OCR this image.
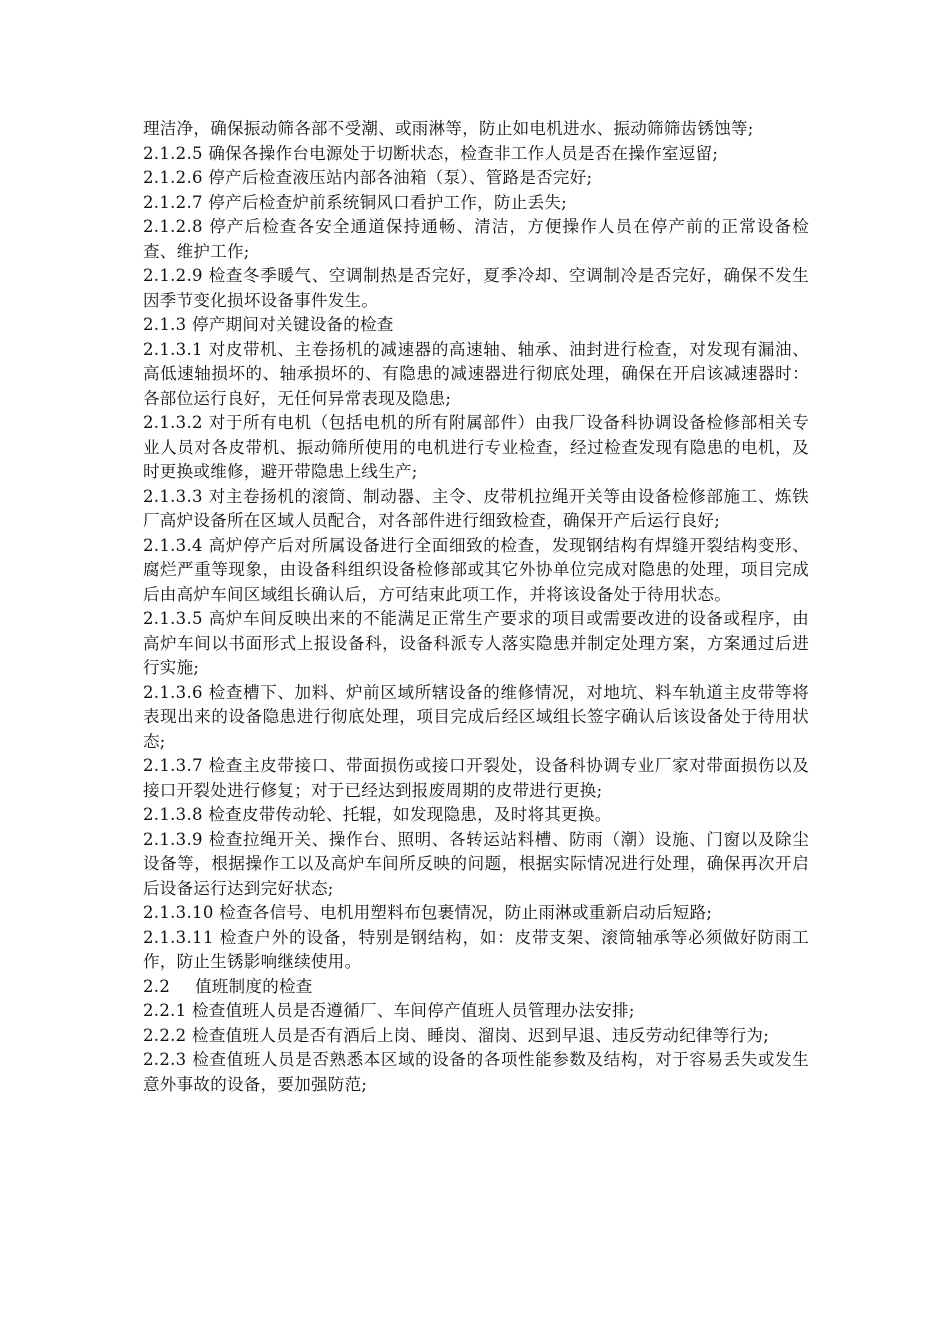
理洁净，确保振动筛各部不受潮、或雨淋等，防止如电机进水、振动筛筛齿锈蚀等;

2.1.2.5 确保各操作台电源处于切断状态，检查非工作人员是否在操作室逗留;

2.1.2.6 停产后检查液压站内部各油箱（泵）、管路是否完好;

2.1.2.7 停产后检查炉前系统铜风口看护工作，防止丢失;

2.1.2.8 停产后检查各安全通道保持通畅、清洁，方便操作人员在停产前的正常设备检查、维护工作;

2.1.2.9 检查冬季暖气、空调制热是否完好，夏季冷却、空调制冷是否完好，确保不发生因季节变化损坏设备事件发生。

2.1.3 停产期间对关键设备的检查

2.1.3.1 对皮带机、主卷扬机的减速器的高速轴、轴承、油封进行检查，对发现有漏油、高低速轴损坏的、轴承损坏的、有隐患的减速器进行彻底处理，确保在开启该减速器时：各部位运行良好，无任何异常表现及隐患;

2.1.3.2 对于所有电机（包括电机的所有附属部件）由我厂设备科协调设备检修部相关专业人员对各皮带机、振动筛所使用的电机进行专业检查，经过检查发现有隐患的电机，及时更换或维修，避开带隐患上线生产;

2.1.3.3 对主卷扬机的滚筒、制动器、主令、皮带机拉绳开关等由设备检修部施工、炼铁厂高炉设备所在区域人员配合，对各部件进行细致检查，确保开产后运行良好;

2.1.3.4 高炉停产后对所属设备进行全面细致的检查，发现钢结构有焊缝开裂结构变形、腐烂严重等现象，由设备科组织设备检修部或其它外协单位完成对隐患的处理，项目完成后由高炉车间区域组长确认后，方可结束此项工作，并将该设备处于待用状态。

2.1.3.5 高炉车间反映出来的不能满足正常生产要求的项目或需要改进的设备或程序，由高炉车间以书面形式上报设备科，设备科派专人落实隐患并制定处理方案，方案通过后进行实施;

2.1.3.6 检查槽下、加料、炉前区域所辖设备的维修情况，对地坑、料车轨道主皮带等将表现出来的设备隐患进行彻底处理，项目完成后经区域组长签字确认后该设备处于待用状态;

2.1.3.7 检查主皮带接口、带面损伤或接口开裂处，设备科协调专业厂家对带面损伤以及接口开裂处进行修复；对于已经达到报废周期的皮带进行更换;

2.1.3.8 检查皮带传动轮、托辊，如发现隐患，及时将其更换。

2.1.3.9 检查拉绳开关、操作台、照明、各转运站料槽、防雨（潮）设施、门窗以及除尘设备等，根据操作工以及高炉车间所反映的问题，根据实际情况进行处理，确保再次开启后设备运行达到完好状态;

2.1.3.10 检查各信号、电机用塑料布包裹情况，防止雨淋或重新启动后短路;

2.1.3.11 检查户外的设备，特别是钢结构，如：皮带支架、滚筒轴承等必须做好防雨工作，防止生锈影响继续使用。

2.2 值班制度的检查

2.2.1 检查值班人员是否遵循厂、车间停产值班人员管理办法安排;

2.2.2 检查值班人员是否有酒后上岗、睡岗、溜岗、迟到早退、违反劳动纪律等行为;

2.2.3 检查值班人员是否熟悉本区域的设备的各项性能参数及结构，对于容易丢失或发生意外事故的设备，要加强防范;
